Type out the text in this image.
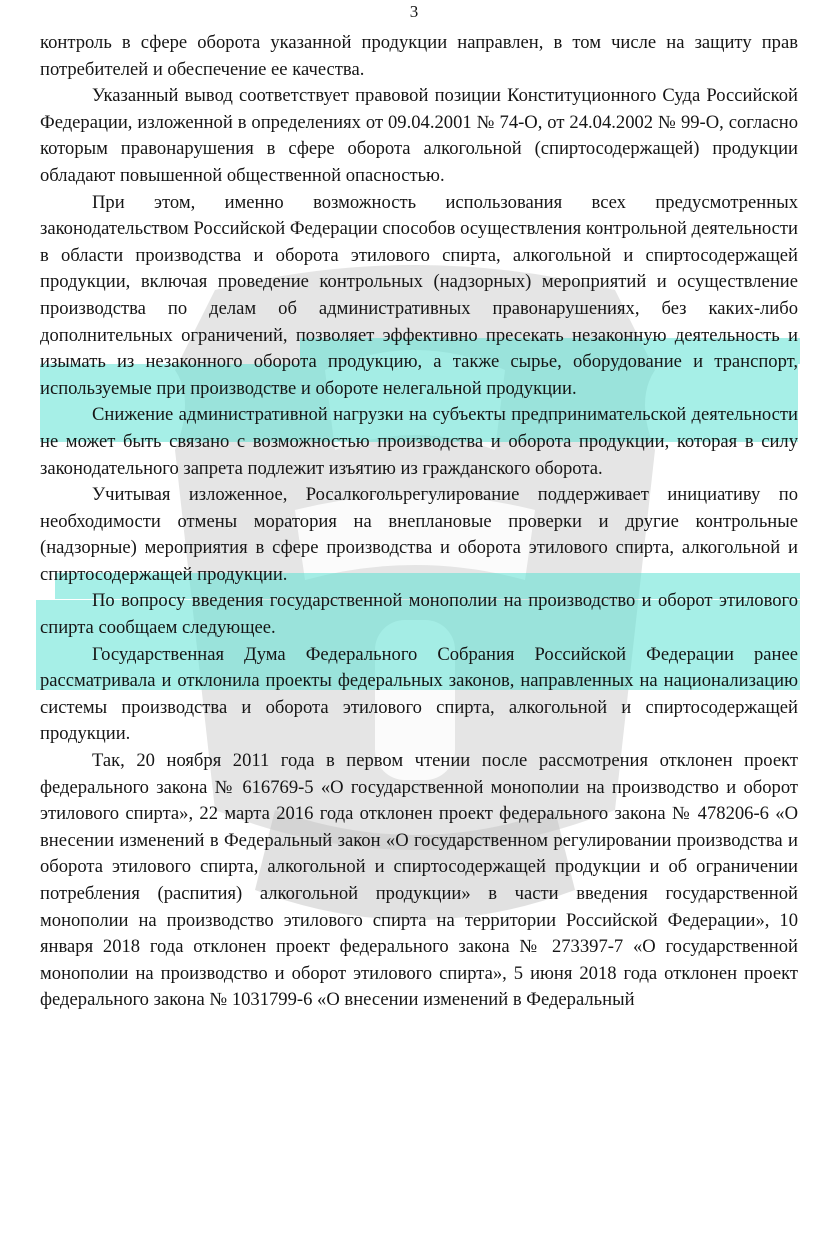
3

контроль в сфере оборота указанной продукции направлен, в том числе на защиту прав потребителей и обеспечение ее качества.

Указанный вывод соответствует правовой позиции Конституционного Суда Российской Федерации, изложенной в определениях от 09.04.2001 № 74-О, от 24.04.2002 № 99-О, согласно которым правонарушения в сфере оборота алкогольной (спиртосодержащей) продукции обладают повышенной общественной опасностью.

При этом, именно возможность использования всех предусмотренных законодательством Российской Федерации способов осуществления контрольной деятельности в области производства и оборота этилового спирта, алкогольной и спиртосодержащей продукции, включая проведение контрольных (надзорных) мероприятий и осуществление производства по делам об административных правонарушениях, без каких-либо дополнительных ограничений, позволяет эффективно пресекать незаконную деятельность и изымать из незаконного оборота продукцию, а также сырье, оборудование и транспорт, используемые при производстве и обороте нелегальной продукции.

Снижение административной нагрузки на субъекты предпринимательской деятельности не может быть связано с возможностью производства и оборота продукции, которая в силу законодательного запрета подлежит изъятию из гражданского оборота.

Учитывая изложенное, Росалкогольрегулирование поддерживает инициативу по необходимости отмены моратория на внеплановые проверки и другие контрольные (надзорные) мероприятия в сфере производства и оборота этилового спирта, алкогольной и спиртосодержащей продукции.

По вопросу введения государственной монополии на производство и оборот этилового спирта сообщаем следующее.

Государственная Дума Федерального Собрания Российской Федерации ранее рассматривала и отклонила проекты федеральных законов, направленных на национализацию системы производства и оборота этилового спирта, алкогольной и спиртосодержащей продукции.

Так, 20 ноября 2011 года в первом чтении после рассмотрения отклонен проект федерального закона № 616769-5 «О государственной монополии на производство и оборот этилового спирта», 22 марта 2016 года отклонен проект федерального закона № 478206-6 «О внесении изменений в Федеральный закон «О государственном регулировании производства и оборота этилового спирта, алкогольной и спиртосодержащей продукции и об ограничении потребления (распития) алкогольной продукции» в части введения государственной монополии на производство этилового спирта на территории Российской Федерации», 10 января 2018 года отклонен проект федерального закона № 273397-7 «О государственной монополии на производство и оборот этилового спирта», 5 июня 2018 года отклонен проект федерального закона № 1031799-6 «О внесении изменений в Федеральный
